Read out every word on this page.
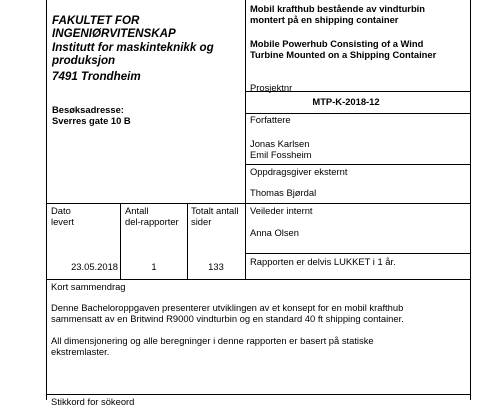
FAKULTET FOR
INGENIØRVITENSKAP
Institutt for maskinteknikk og
produksjon
7491 Trondheim
Besøksadresse:
Sverres gate 10 B
Mobil krafthub bestående av vindturbin
montert på en shipping container
Mobile Powerhub Consisting of a Wind
Turbine Mounted on a Shipping Container
Prosjektnr
MTP-K-2018-12
Forfattere
Jonas Karlsen
Emil Fossheim
Oppdragsgiver eksternt
Thomas Bjørdal
Dato
levert
Antall
del-rapporter
Totalt antall
sider
23.05.2018	1	133
Veileder internt
Anna Olsen
Rapporten er delvis LUKKET i 1 år.
Kort sammendrag
Denne Bacheloroppgaven presenterer utviklingen av et konsept for en mobil krafthub
sammensatt av en Britwind R9000 vindturbin og en standard 40 ft shipping container.
All dimensjonering og alle beregninger i denne rapporten er basert på statiske
ekstremlaster.
Stikkord for sökeord
